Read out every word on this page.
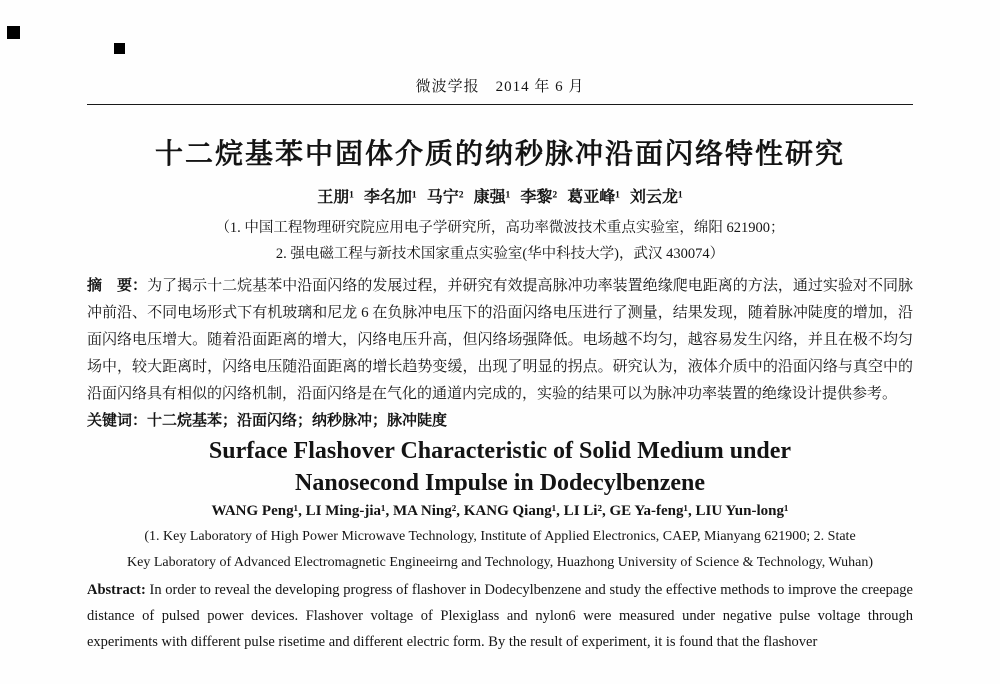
微波学报　2014 年 6 月
十二烷基苯中固体介质的纳秒脉冲沿面闪络特性研究
王朋¹ 李名加¹ 马宁² 康强¹ 李黎² 葛亚峰¹ 刘云龙¹
（1. 中国工程物理研究院应用电子学研究所，高功率微波技术重点实验室，绵阳 621900；
2. 强电磁工程与新技术国家重点实验室(华中科技大学)，武汉 430074）

摘　要：为了揭示十二烷基苯中沿面闪络的发展过程，并研究有效提高脉冲功率装置绝缘爬电距离的方法，通过实验对不同脉冲前沿、不同电场形式下有机玻璃和尼龙 6 在负脉冲电压下的沿面闪络电压进行了测量，结果发现，随着脉冲陡度的增加，沿面闪络电压增大。随着沿面距离的增大，闪络电压升高，但闪络场强降低。电场越不均匀，越容易发生闪络，并且在极不均匀场中，较大距离时，闪络电压随沿面距离的增长趋势变缓，出现了明显的拐点。研究认为，液体介质中的沿面闪络与真空中的沿面闪络具有相似的闪络机制，沿面闪络是在气化的通道内完成的，实验的结果可以为脉冲功率装置的绝缘设计提供参考。

关键词：十二烷基苯；沿面闪络；纳秒脉冲；脉冲陡度

Surface Flashover Characteristic of Solid Medium under
Nanosecond Impulse in Dodecylbenzene
WANG Peng¹, LI Ming-jia¹, MA Ning², KANG Qiang¹, LI Li², GE Ya-feng¹, LIU Yun-long¹
(1. Key Laboratory of High Power Microwave Technology, Institute of Applied Electronics, CAEP, Mianyang 621900; 2. State
Key Laboratory of Advanced Electromagnetic Engineeirng and Technology, Huazhong University of Science & Technology, Wuhan)

Abstract: In order to reveal the developing progress of flashover in Dodecylbenzene and study the effective methods to improve the creepage distance of pulsed power devices. Flashover voltage of Plexiglass and nylon6 were measured under negative pulse voltage through experiments with different pulse risetime and different electric form. By the result of experiment, it is found that the flashover
